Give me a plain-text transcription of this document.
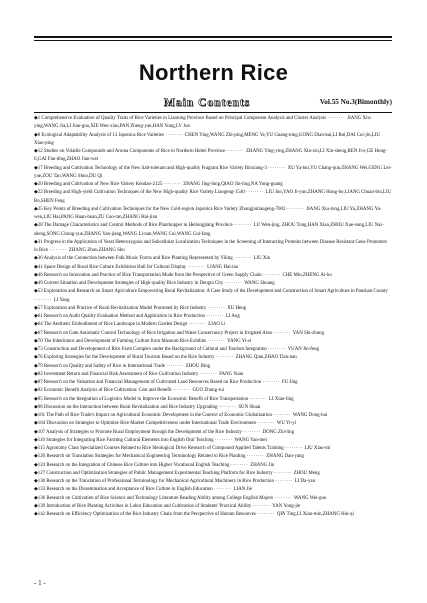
Northern Rice
Main Contents	Vol.55 No.3(Bimonthly)
◆1 Comprehensive Evaluation of Quality Traits of Rice Varieties in Liaoning Province Based on Principal Component Analysis and Cluster Analysis ········ JIANG Xiu-ying,WANG Jia,LI Jian-guo,XIE Wen-xiao,PAN Zheng-yan,HAN Yong,LV Jun
◆8 Ecological Adaptability Analysis of 13 Japonica Rice Varieties ········ CHEN Ying,WANG Zhi-ping,MENG Ye,YU Guang-ning,GONG Dian-kai,LI Rui,DAI Cui-jin,LIU Xiao-ping
◆12 Studies on Volatile Compounds and Aroma Components of Rice in Northern Hebei Province ········ ZHANG Ying-ying,ZHANG Xin-xin,LI Xin-sheng,REN Ji-e,GE Hong-li,GAI Fan-ding,ZHAO Jian-wei
◆17 Breeding and Cultivation Technology of the New Salt-tolerant and High-quality Fragrant Rice Variety Binxiang-3 ········ XU Ya-hui,YU Chang-qun,ZHANG Wei,GENG Lei-yue,ZOU Tao,WANG Shuo,DU Qi
◆20 Breeding and Cultivation of New Rice Variety Kendao-2125 ········ ZHANG Jing-long,QIAO Jin-ling,NA Yong-guang
◆22 Breeding and High-yield Cultivation Techniques of the New High-quality Rice Variety Liaogeng-1540 ········ LIU Jun,YAO Ji-yun,ZHANG Hong-bo,LIANG Chuan-bin,LIU Bo,SHEN Feng
◆25 Key Points of Breeding and Cultivation Techniques for the New Cold-region Japonica Rice Variety Zhongjiuliaogeng-7003 ········ JIANG Xiu-long,LIU Yu,ZHANG Yu-wen,LIU Hai,PANG Huan-huan,ZU Cao-ran,ZHANG Hai-jian
◆28 The Damage Characteristics and Control Methods of Rice Planthopper in Heilongjiang Province ········ LU Wen-jing, ZHOU Tong,HAN Xiao,ZHOU Xue-song,LIU Nai-sheng,SONG Chong-yue,ZHANG Yan-jiang,WANG Li-nan,WANG Cui,WANG Gui-fang
◆31 Progress in the Application of Yeast Heterozygous and Subcellular Localization Techniques in the Screening of Interacting Proteins between Disease Resistant Gene Promoters in Rice ········ ZHANG Zhou,ZHANG Shu
◆36 Analysis of the Connection between Folk Music Forms and Rice Planting Represented by Yiling ········ LIU Xin
◆41 Space Design of Rural Rice Culture Exhibition Hall for Cultural Display ········ LIANG Hai-tao
◆46 Research on Innovation and Practice of Rice Transportation Mode from the Perspective of Green Supply Chain ········ CHE Min,ZHENG Ai-ho
◆49 Current Situation and Development Strategies of High-quality Rice Industry in Dengta City ········ WANG Shuang
◆53 Exploration and Research on Smart Agriculture Empowering Rural Revitalization: A Case Study of the Development and Construction of Smart Agriculture in Panshan County ········ LI Yang
◆57 Exploration and Practice of Rural Revitalization Model Promoted by Rice Industry ········ XU Heng
◆61 Research on Audit Quality Evaluation Method and Application in Rice Production ········ LI Ang
◆64 The Aesthetic Embodiment of Rice Landscape in Modern Garden Design ········ LIAO Li
◆67 Research on Gate Automatic Control Technology of Rice Irrigation and Water Conservancy Project in Irrigated Area ········ YAN Shi-zhong
◆70 The Inheritance and Development of Farming Culture from Museum Rice Exhibits ········ YANG Yi-si
◆73 Construction and Development of Rice Farm Complex under the Background of Cultural and Tourism Integration ········ YUAN Jin-feng
◆76 Exploring Strategies for the Development of Rural Tourism Based on the Rice Industry ········ ZHANG Qian,ZHAO Tian-nan
◆79 Research on Quality and Safety of Rice in International Trade ········ ZHOU Bing
◆82 Investment Return and Financial Risk Assessment of Rice Cultivation Industry ········ FANG Yuan
◆87 Research on the Valuation and Financial Management of Cultivated Land Resources Based on Rice Production ········ FU Jing
◆92 Economic Benefit Analysis of Rice Cultivation: Cost and Benefit ········ GUO Zhong-rui
◆95 Research on the Integration of Logistics Model to Improve the Economic Benefit of Rice Transportation ········ LI Xiao-ling
◆98 Discussion on the Interaction between Rural Revitalization and Rice Industry Upgrading ········ SUN Shuai
◆101 The Path of Rice Trade's Impact on Agricultural Economic Development in the Context of Economic Globalization ········ WANG Dong-hui
◆104 Discussion on Strategies to Optimize Rice Market Competitiveness under International Trade Environment ········ WU Yi-yi
◆107 Analysis of Strategies to Promote Rural Employment through the Development of the Rice Industry ········ DONG Zhi-ling
◆110 Strategies for Integrating Rice Farming Cultural Elements into English Oral Teaching ········ WANG Yan-mei
◆115 Agronomy Class Specialized Courses Related to Rice Ideological Drive Research of Compound Applied Talents Training ········ LIU Xiao-mi
◆120 Research on Translation Strategies for Mechanical Engineering Terminology Related to Rice Planting ········ ZHANG Dan-yang
◆124 Research on the Integration of Chinese Rice Culture into Higher Vocational English Teaching ········ ZHANG Jin
◆127 Construction and Optimization Strategies of Public Management Experimental Teaching Platform for Rice Industry ········ ZHOU Meng
◆130 Research on the Translation of Professional Terminology for Mechanical Agricultural Machinery in Rice Production ········ LI Da-yan
◆133 Research on the Dissemination and Acceptance of Rice Culture in English Education ········ LIAN Jie
◆136 Research on Cultivation of Rice Science and Technology Literature Reading Ability among College English Majors ········ WANG Wei-guo
◆139 Introduction of Rice Planting Activities in Labor Education and Cultivation of Students' Practical Ability ········ YAN Yong-jie
◆142 Research on Efficiency Optimization of the Rice Industry Chain from the Perspective of Human Resources ········ QIN Ting,LI Xiao-min,ZHANG Hui-qi
- 1 -
